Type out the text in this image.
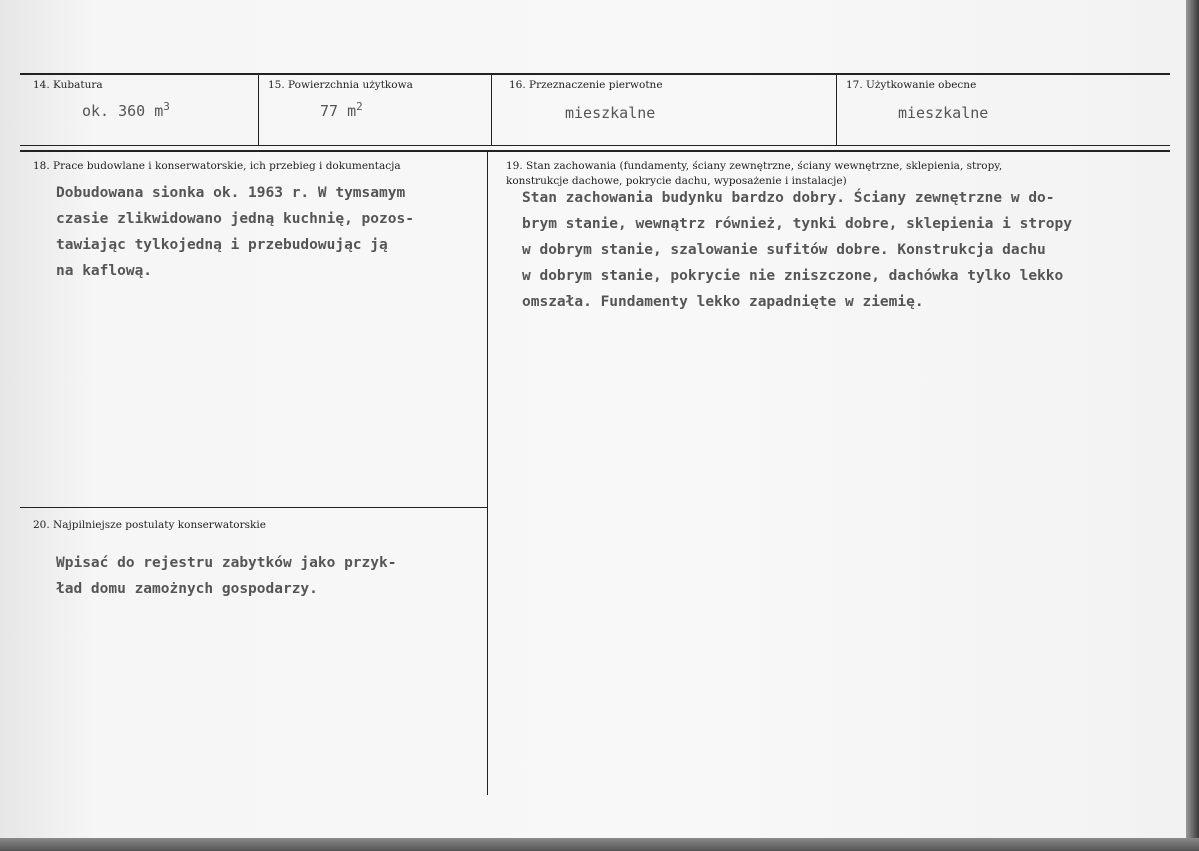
14. Kubatura
ok. 360 $m^3$
15. Powierzchnia użytkowa
77 $m^2$
16. Przeznaczenie pierwotne
mieszkalne
17. Użytkowanie obecne
mieszkalne
18. Prace budowlane i konserwatorskie, ich przebieg i dokumentacja
Dobudowana sionka ok. 1963 r. W tymsamym
czasie zlikwidowano jedną kuchnię, pozos-
tawiając tylkojedną i przebudowując ją
na kaflową.
19. Stan zachowania (fundamenty, ściany zewnętrzne, ściany wewnętrzne, sklepienia, stropy,
konstrukcje dachowe, pokrycie dachu, wyposażenie i instalacje)
Stan zachowania budynku bardzo dobry. Ściany zewnętrzne w do-
brym stanie, wewnątrz również, tynki dobre, sklepienia i stropy
w dobrym stanie, szalowanie sufitów dobre. Konstrukcja dachu
w dobrym stanie, pokrycie nie zniszczone, dachówka tylko lekko
omszała. Fundamenty lekko zapadnięte w ziemię.
20. Najpilniejsze postulaty konserwatorskie
Wpisać do rejestru zabytków jako przyk-
ład domu zamożnych gospodarzy.
